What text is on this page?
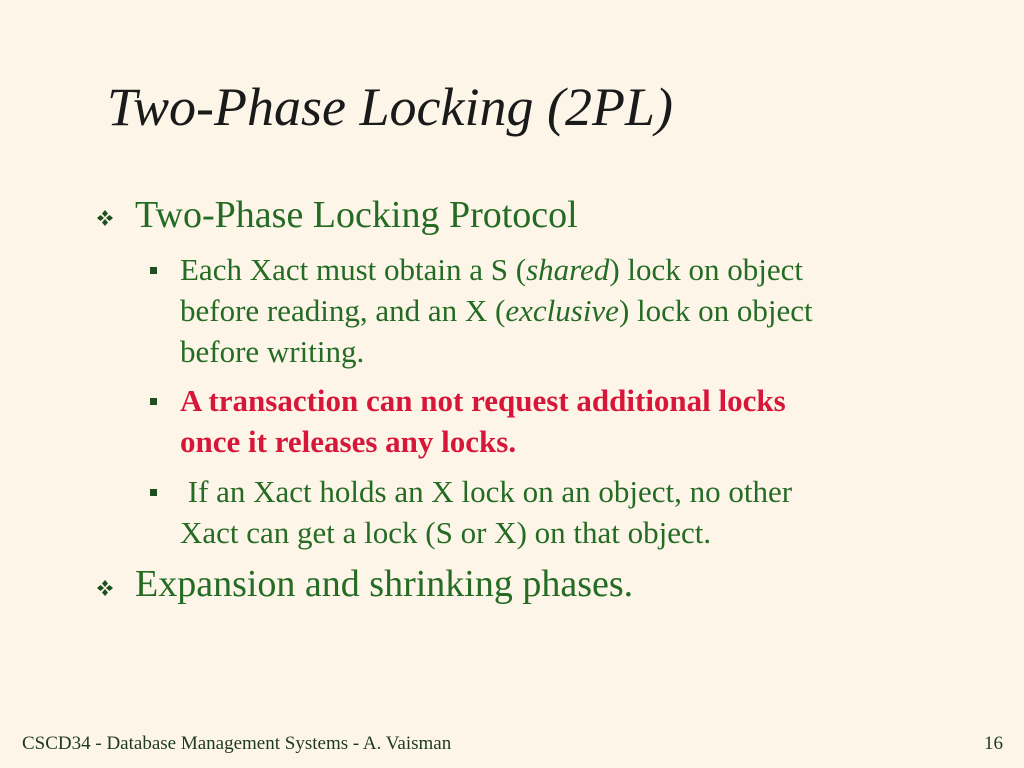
Two-Phase Locking (2PL)
Two-Phase Locking Protocol
Each Xact must obtain a S (shared) lock on object
before reading, and an X (exclusive) lock on object
before writing.
A transaction can not request additional locks
once it releases any locks.
If an Xact holds an X lock on an object, no other
Xact can get a lock (S or X) on that object.
Expansion and shrinking phases.
CSCD34 - Database Management Systems - A. Vaisman	16
